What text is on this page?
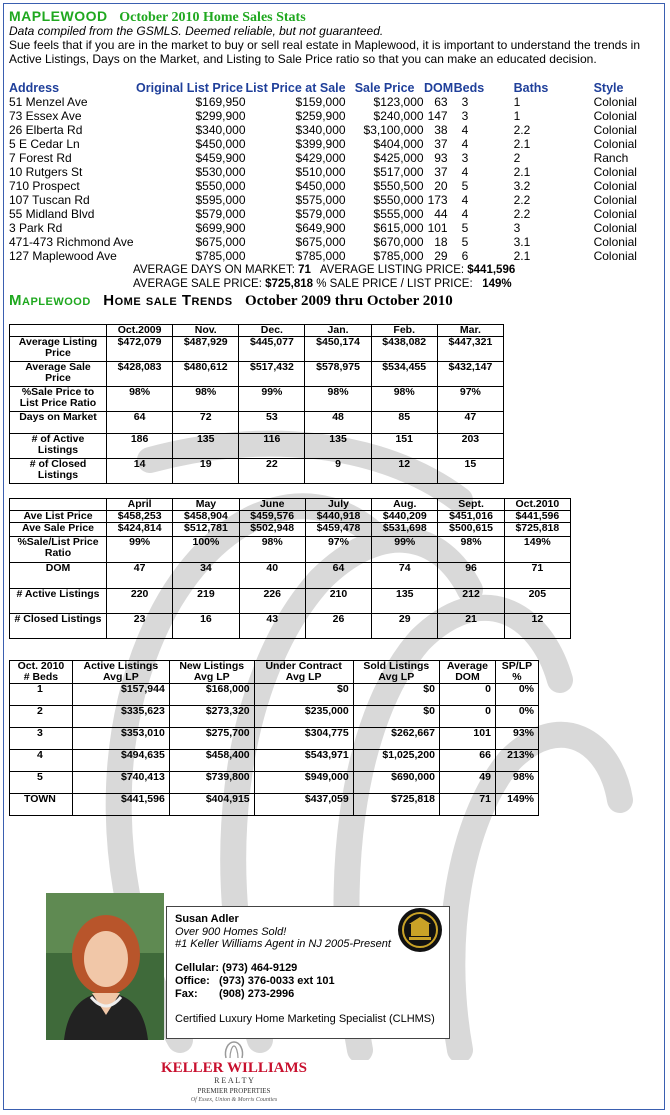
MAPLEWOOD October 2010 Home Sales Stats
Data compiled from the GSMLS. Deemed reliable, but not guaranteed.
Sue feels that if you are in the market to buy or sell real estate in Maplewood, it is important to understand the trends in Active Listings, Days on the Market, and Listing to Sale Price ratio so that you can make an educated decision.
Address	Original List Price	List Price at Sale	Sale Price	DOM	Beds	Baths	Style
51 Menzel Ave	$169,950	$159,000	$123,000	63	3	1	Colonial
73 Essex Ave	$299,900	$259,900	$240,000	147	3	1	Colonial
26 Elberta Rd	$340,000	$340,000	$3,100,000	38	4	2.2	Colonial
5 E Cedar Ln	$450,000	$399,900	$404,000	37	4	2.1	Colonial
7 Forest Rd	$459,900	$429,000	$425,000	93	3	2	Ranch
10 Rutgers St	$530,000	$510,000	$517,000	37	4	2.1	Colonial
710 Prospect	$550,000	$450,000	$550,500	20	5	3.2	Colonial
107 Tuscan Rd	$595,000	$575,000	$550,000	173	4	2.2	Colonial
55 Midland Blvd	$579,000	$579,000	$555,000	44	4	2.2	Colonial
3 Park Rd	$699,900	$649,900	$615,000	101	5	3	Colonial
471-473 Richmond Ave	$675,000	$675,000	$670,000	18	5	3.1	Colonial
127 Maplewood Ave	$785,000	$785,000	$785,000	29	6	2.1	Colonial
AVERAGE DAYS ON MARKET: 71 AVERAGE LISTING PRICE: $441,596
AVERAGE SALE PRICE: $725,818 % SALE PRICE / LIST PRICE: 149%
Maplewood Home sale Trends October 2009 thru October 2010
	Oct.2009	Nov.	Dec.	Jan.	Feb.	Mar.
Average Listing Price	$472,079	$487,929	$445,077	$450,174	$438,082	$447,321
Average Sale Price	$428,083	$480,612	$517,432	$578,975	$534,455	$432,147
%Sale Price to List Price Ratio	98%	98%	99%	98%	98%	97%
Days on Market	64	72	53	48	85	47
# of Active Listings	186	135	116	135	151	203
# of Closed Listings	14	19	22	9	12	15
	April	May	June	July	Aug.	Sept.	Oct.2010
Ave List Price	$458,253	$458,904	$459,576	$440,918	$440,209	$451,016	$441,596
Ave Sale Price	$424,814	$512,781	$502,948	$459,478	$531,698	$500,615	$725,818
%Sale/List Price Ratio	99%	100%	98%	97%	99%	98%	149%
DOM	47	34	40	64	74	96	71
# Active Listings	220	219	226	210	135	212	205
# Closed Listings	23	16	43	26	29	21	12
Oct. 2010	Active Listings	New Listings	Under Contract	Sold Listings	Average	SP/LP
# Beds	Avg LP	Avg LP	Avg LP	Avg LP	DOM	%
1	$157,944	$168,000	$0	$0	0	0%
2	$335,623	$273,320	$235,000	$0	0	0%
3	$353,010	$275,700	$304,775	$262,667	101	93%
4	$494,635	$458,400	$543,971	$1,025,200	66	213%
5	$740,413	$739,800	$949,000	$690,000	49	98%
TOWN	$441,596	$404,915	$437,059	$725,818	71	149%
Susan Adler
Over 900 Homes Sold!
#1 Keller Williams Agent in NJ 2005-Present
Cellular: (973) 464-9129
Office: (973) 376-0033 ext 101
Fax: (908) 273-2996
Certified Luxury Home Marketing Specialist (CLHMS)
KELLER WILLIAMS
R E A L T Y
PREMIER PROPERTIES
Of Essex, Union & Morris Counties
